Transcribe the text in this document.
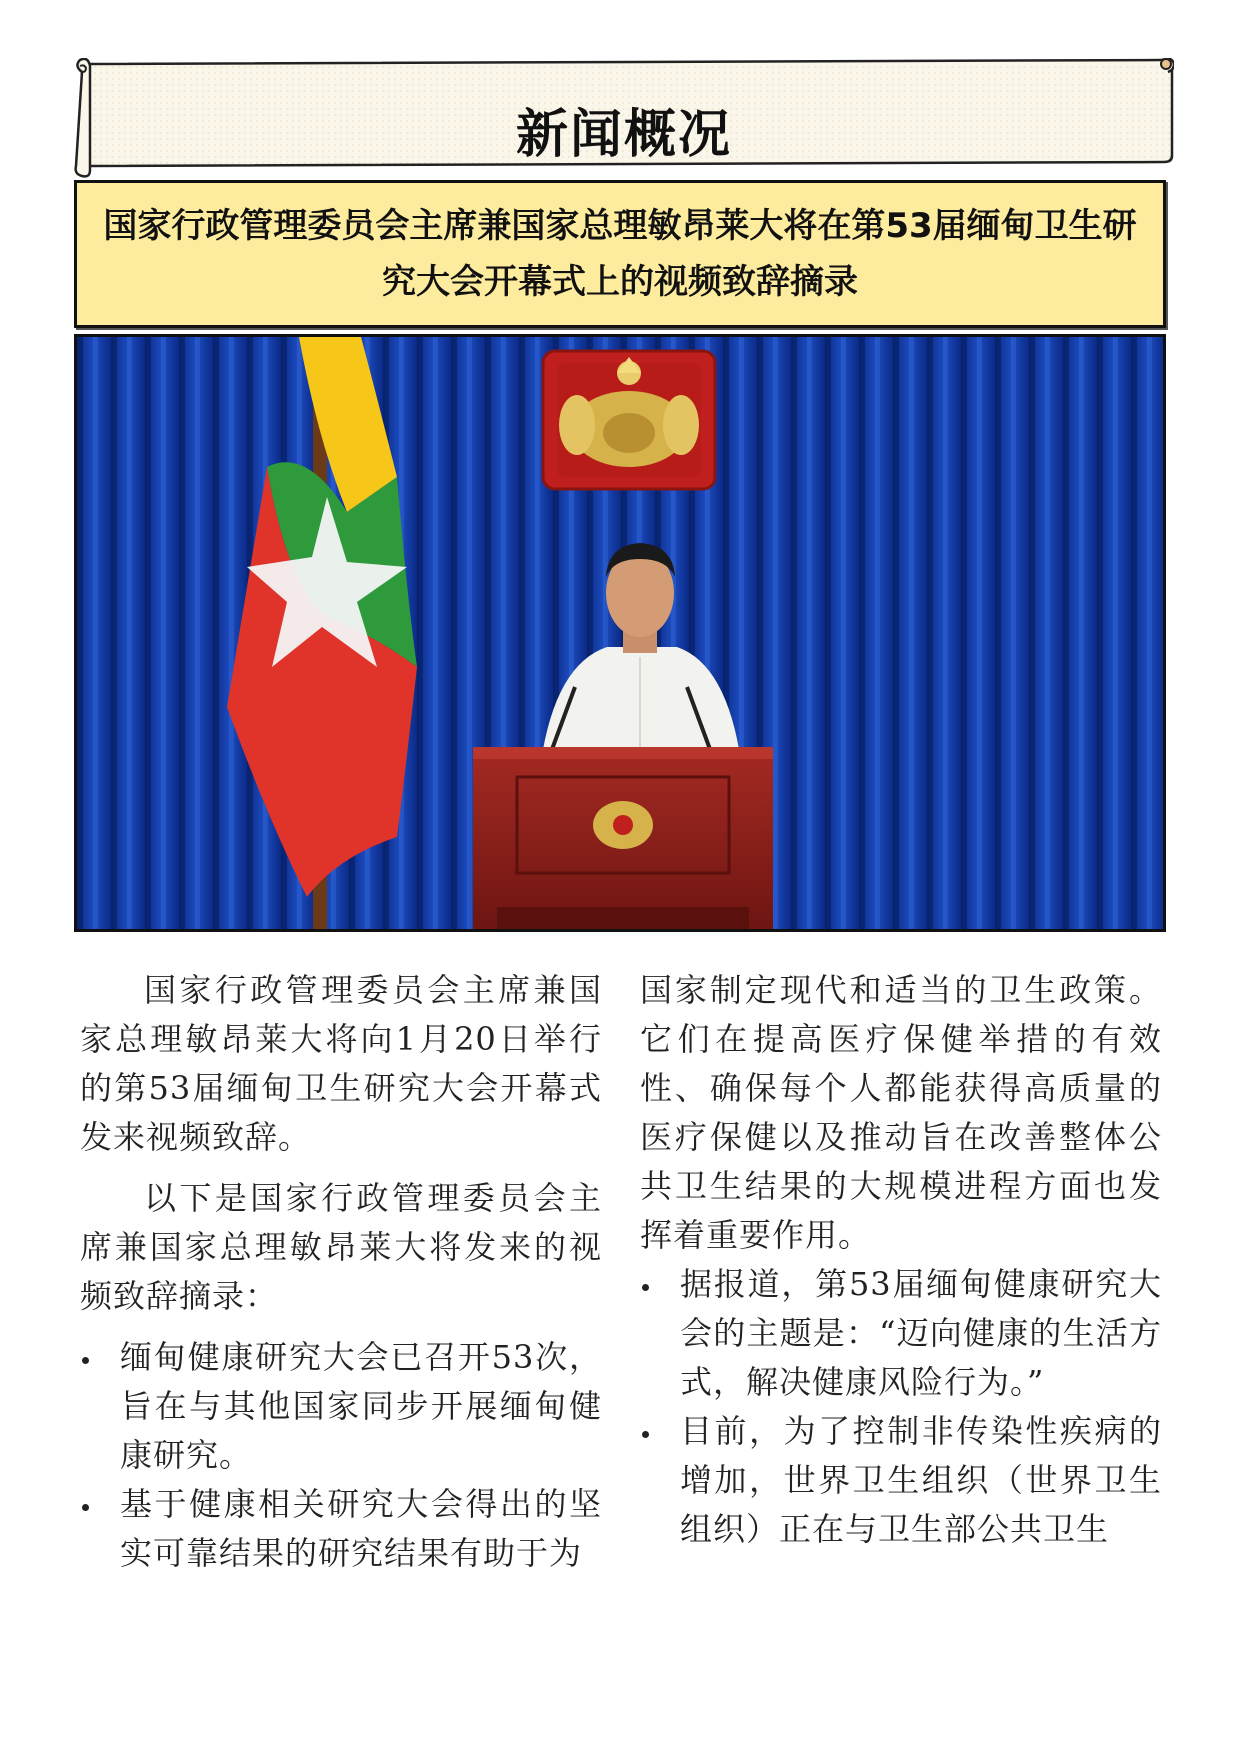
新闻概况
国家行政管理委员会主席兼国家总理敏昂莱大将在第53届缅甸卫生研究大会开幕式上的视频致辞摘录

国家行政管理委员会主席兼国家总理敏昂莱大将向1月20日举行的第53届缅甸卫生研究大会开幕式发来视频致辞。

以下是国家行政管理委员会主席兼国家总理敏昂莱大将发来的视频致辞摘录：

缅甸健康研究大会已召开53次，旨在与其他国家同步开展缅甸健康研究。
基于健康相关研究大会得出的坚实可靠结果的研究结果有助于为

国家制定现代和适当的卫生政策。它们在提高医疗保健举措的有效性、确保每个人都能获得高质量的医疗保健以及推动旨在改善整体公共卫生结果的大规模进程方面也发挥着重要作用。

据报道，第53届缅甸健康研究大会的主题是：“迈向健康的生活方式，解决健康风险行为。”
目前，为了控制非传染性疾病的增加，世界卫生组织（世界卫生组织）正在与卫生部公共卫生
